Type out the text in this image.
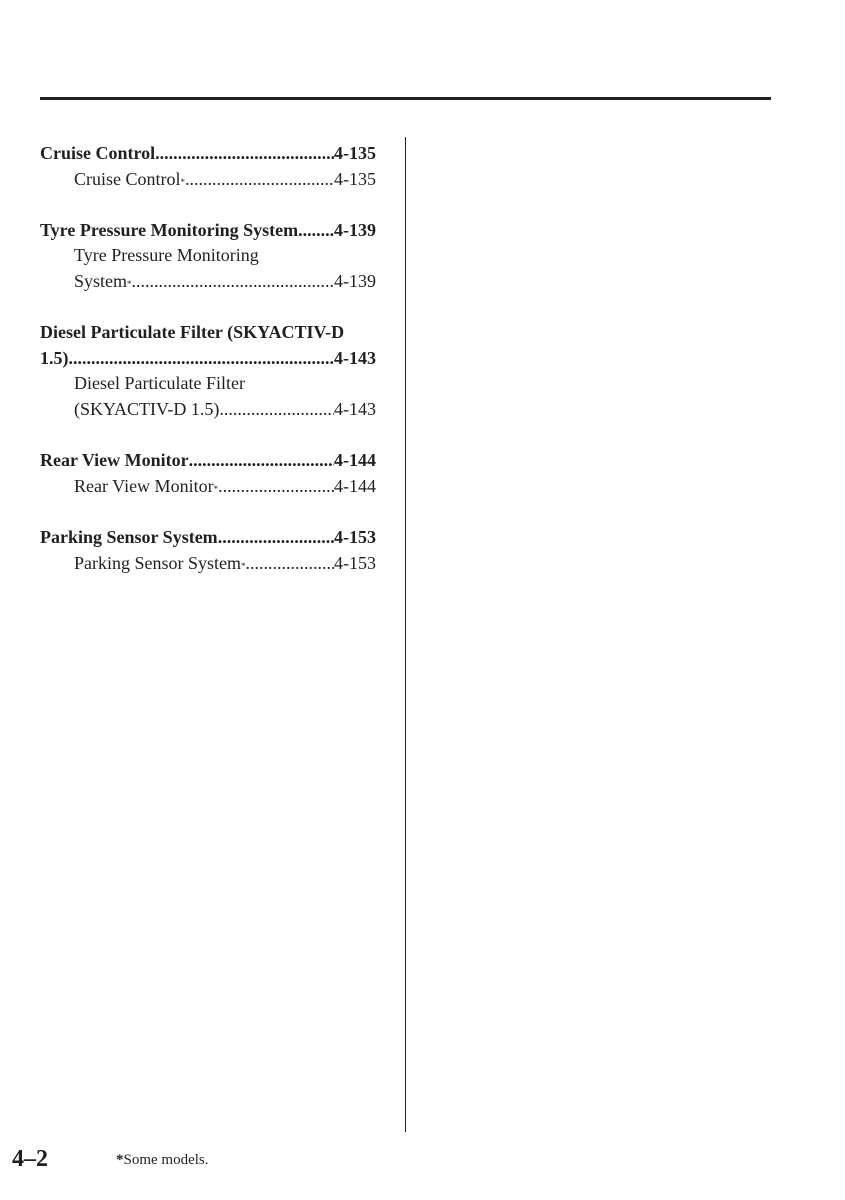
Cruise Control .....	4-135
Cruise Control * .....	4-135
Tyre Pressure Monitoring System ..... 4-139
Tyre Pressure Monitoring
System * .....	4-139
Diesel Particulate Filter (SKYACTIV-D
1.5) .....	4-143
Diesel Particulate Filter
(SKYACTIV-D 1.5) .....	4-143
Rear View Monitor .....	4-144
Rear View Monitor * .....	4-144
Parking Sensor System .....	4-153
Parking Sensor System * .....	4-153
4–2	*Some models.
